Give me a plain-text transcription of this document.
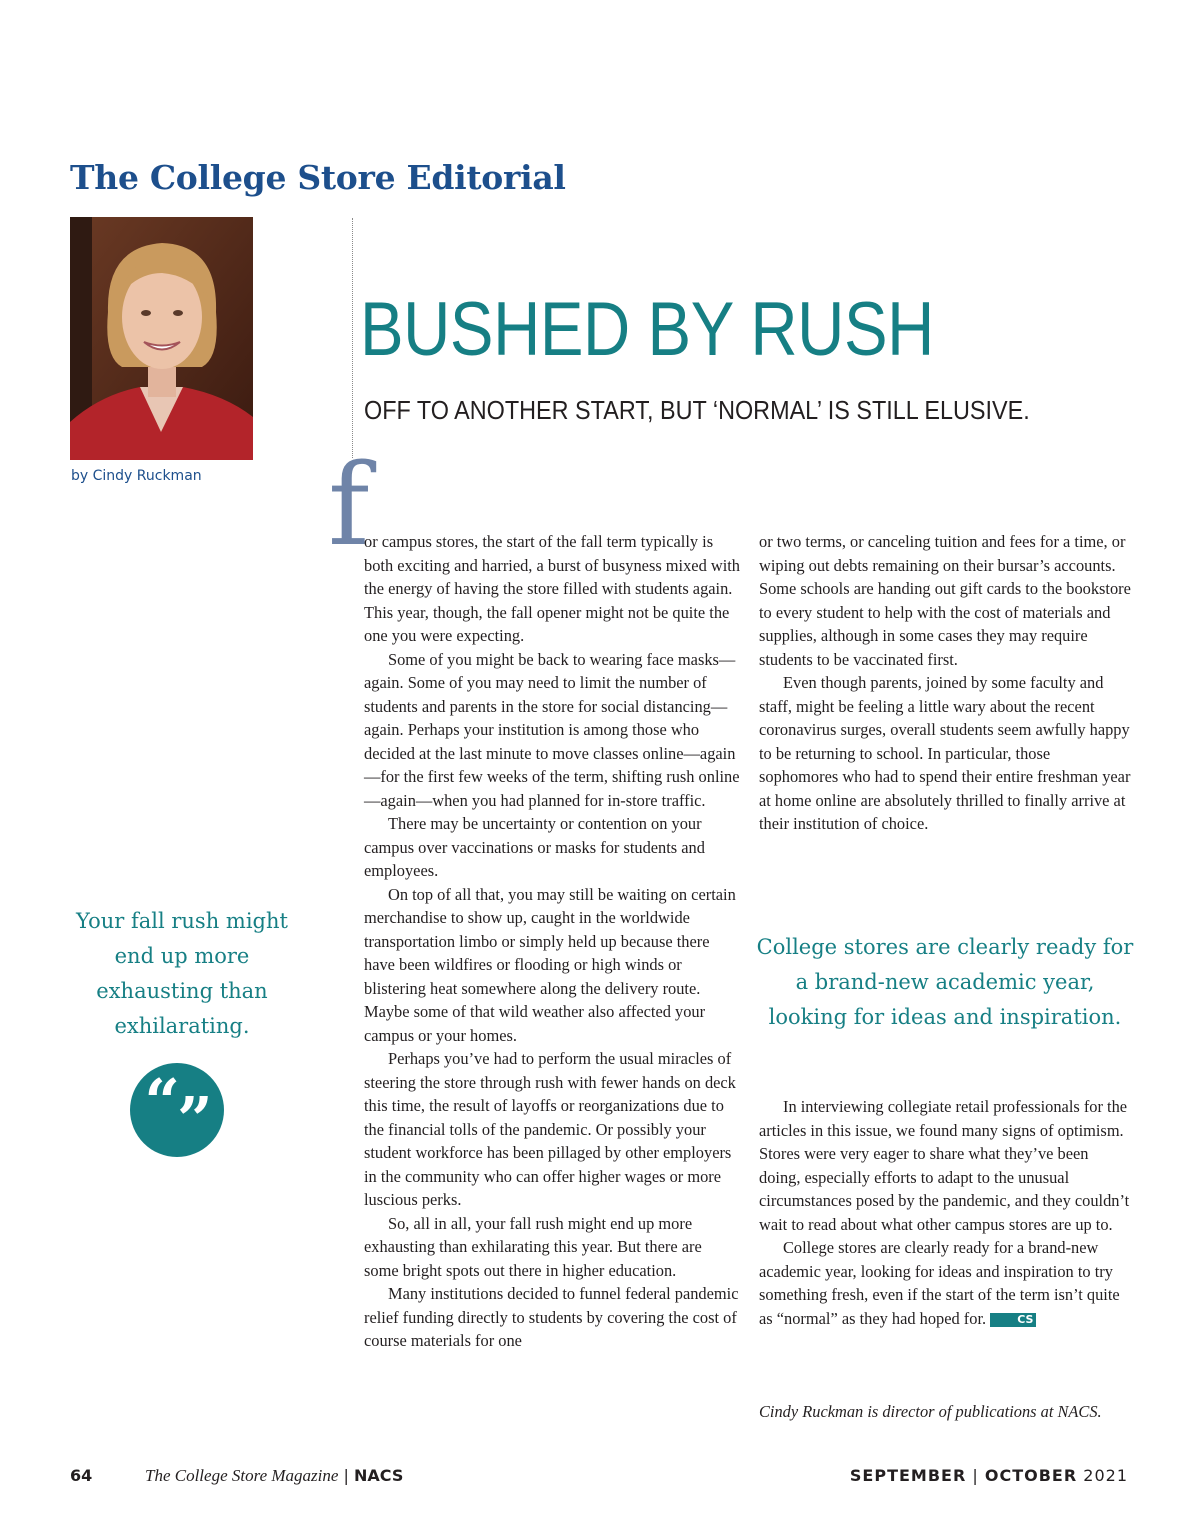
The College Store Editorial
by Cindy Ruckman
BUSHED BY RUSH
OFF TO ANOTHER START, BUT ‘NORMAL’ IS STILL ELUSIVE.
f

or campus stores, the start of the fall term typically is both exciting and harried, a burst of busyness mixed with the energy of having the store filled with students again. This year, though, the fall opener might not be quite the one you were expecting.

Some of you might be back to wearing face masks—again. Some of you may need to limit the number of students and parents in the store for social distancing—again. Perhaps your institution is among those who decided at the last minute to move classes online—again—for the first few weeks of the term, shifting rush online—again—when you had planned for in-store traffic.

There may be uncertainty or contention on your campus over vaccinations or masks for students and employees.

On top of all that, you may still be waiting on certain merchandise to show up, caught in the worldwide transportation limbo or simply held up because there have been wildfires or flooding or high winds or blistering heat somewhere along the delivery route. Maybe some of that wild weather also affected your campus or your homes.

Perhaps you’ve had to perform the usual miracles of steering the store through rush with fewer hands on deck this time, the result of layoffs or reorganizations due to the financial tolls of the pandemic. Or possibly your student workforce has been pillaged by other employers in the community who can offer higher wages or more luscious perks.

So, all in all, your fall rush might end up more exhausting than exhilarating this year. But there are some bright spots out there in higher education.

Many institutions decided to funnel federal pandemic relief funding directly to students by covering the cost of course materials for one

or two terms, or canceling tuition and fees for a time, or wiping out debts remaining on their bursar’s accounts. Some schools are handing out gift cards to the bookstore to every student to help with the cost of materials and supplies, although in some cases they may require students to be vaccinated first.

Even though parents, joined by some faculty and staff, might be feeling a little wary about the recent coronavirus surges, overall students seem awfully happy to be returning to school. In particular, those sophomores who had to spend their entire freshman year at home online are absolutely thrilled to finally arrive at their institution of choice.

College stores are clearly ready for a brand-new academic year, looking for ideas and inspiration.

In interviewing collegiate retail professionals for the articles in this issue, we found many signs of optimism. Stores were very eager to share what they’ve been doing, especially efforts to adapt to the unusual circumstances posed by the pandemic, and they couldn’t wait to read about what other campus stores are up to.

College stores are clearly ready for a brand-new academic year, looking for ideas and inspiration to try something fresh, even if the start of the term isn’t quite as “normal” as they had hoped for.	CS

Cindy Ruckman is director of publications at NACS.
Your fall rush might end up more exhausting than exhilarating.
“ ”
64	The College Store Magazine | NACS	SEPTEMBER | OCTOBER 2021
